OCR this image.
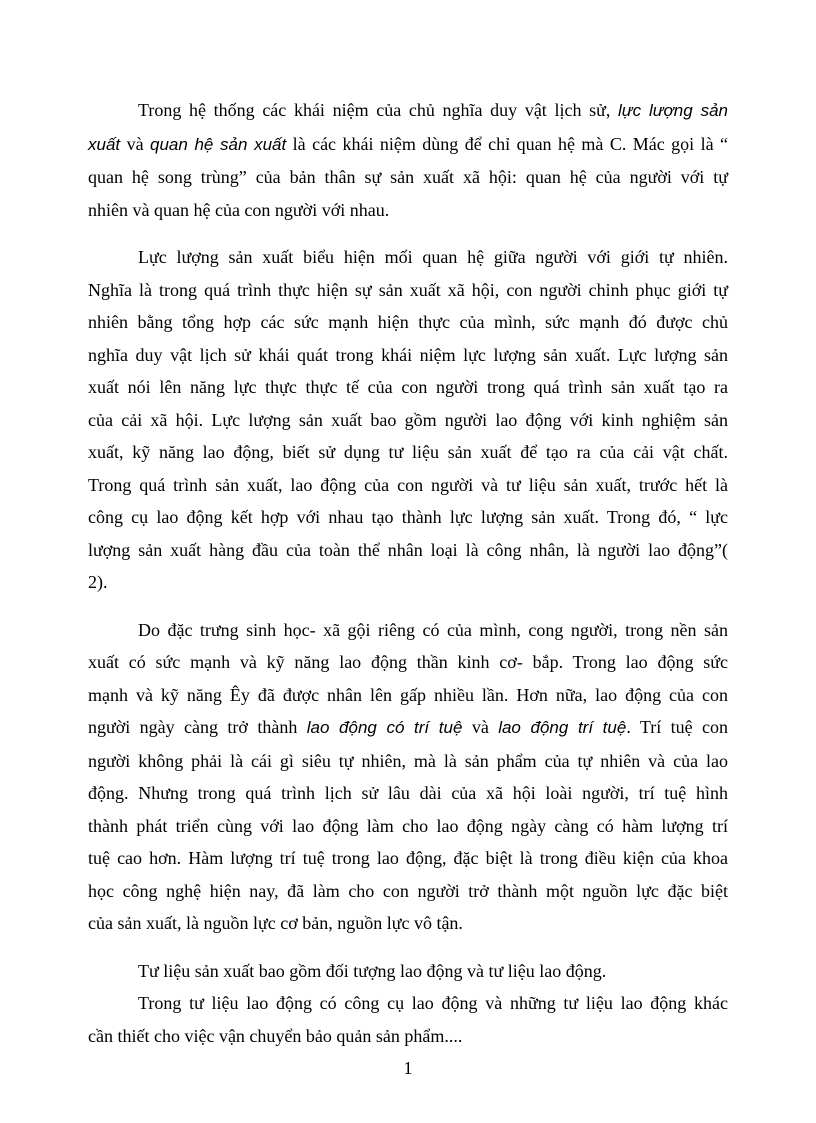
Trong hệ thống các khái niệm của chủ nghĩa duy vật lịch sử, lực lượng sản
xuất và quan hệ sản xuất là các khái niệm dùng để chỉ quan hệ mà C. Mác gọi là “
quan hệ song trùng” của bản thân sự sản xuất xã hội: quan hệ của người với tự
nhiên và quan hệ của con người với nhau.
Lực lượng sản xuất biểu hiện mối quan hệ giữa người với giới tự nhiên.
Nghĩa là trong quá trình thực hiện sự sản xuất xã hội, con người chinh phục giới tự
nhiên bằng tổng hợp các sức mạnh hiện thực của mình, sức mạnh đó được chủ
nghĩa duy vật lịch sử khái quát trong khái niệm lực lượng sản xuất. Lực lượng sản
xuất nói lên năng lực thực thực tế của con người trong quá trình sản xuất tạo ra
của cải xã hội. Lực lượng sản xuất bao gồm người lao động với kinh nghiệm sản
xuất, kỹ năng lao động, biết sử dụng tư liệu sản xuất để tạo ra của cải vật chất.
Trong quá trình sản xuất, lao động của con người và tư liệu sản xuất, trước hết là
công cụ lao động kết hợp với nhau tạo thành lực lượng sản xuất. Trong đó, “ lực
lượng sản xuất hàng đầu của toàn thể nhân loại là công nhân, là người lao động”(
2).
Do đặc trưng sinh học- xã gội riêng có của mình, cong người, trong nền sản
xuất có sức mạnh và kỹ năng lao động thần kinh cơ- bắp. Trong lao động sức
mạnh và kỹ năng Êy đã được nhân lên gấp nhiều lần. Hơn nữa, lao động của con
người ngày càng trở thành lao động có trí tuệ và lao động trí tuệ. Trí tuệ con
người không phải là cái gì siêu tự nhiên, mà là sản phẩm của tự nhiên và của lao
động. Nhưng trong quá trình lịch sử lâu dài của xã hội loài người, trí tuệ hình
thành phát triển cùng với lao động làm cho lao động ngày càng có hàm lượng trí
tuệ cao hơn. Hàm lượng trí tuệ trong lao động, đặc biệt là trong điều kiện của khoa
học công nghệ hiện nay, đã làm cho con người trở thành một nguồn lực đặc biệt
của sản xuất, là nguồn lực cơ bản, nguồn lực vô tận.
Tư liệu sản xuất bao gồm đối tượng lao động và tư liệu lao động.
Trong tư liệu lao động có công cụ lao động và những tư liệu lao động khác
cần thiết cho việc vận chuyển bảo quản sản phẩm....
1
